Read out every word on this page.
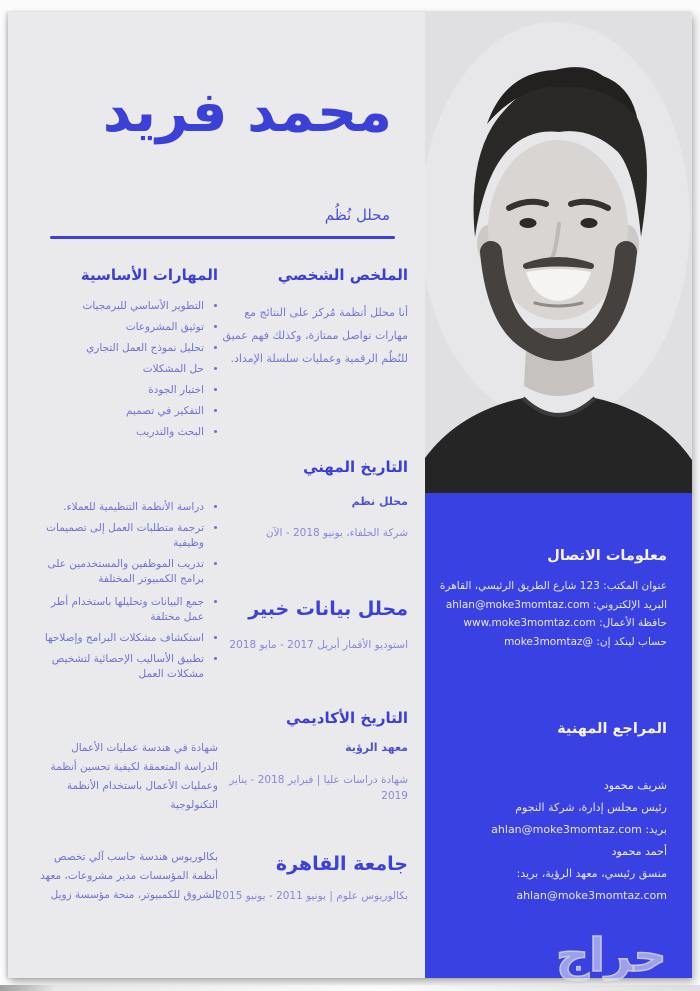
محمد فريد
محلل نُظُم
الملخص الشخصي

أنا محلل أنظمة مُركز على النتائج مع مهارات تواصل ممتازة، وكذلك فهم عميق للنُظُم الرقمية وعمليات سلسلة الإمداد.

المهارات الأساسية
• التطوير الأساسي للبرمجيات
• توثيق المشروعات
• تحليل نموذج العمل التجاري
• حل المشكلات
• اختبار الجودة
• التفكير في تصميم
• البحث والتدريب
التاريخ المهني
محلل نظم
شركة الحلفاء، يونيو 2018 - الآن
• دراسة الأنظمة التنظيمية للعملاء.
• ترجمة متطلبات العمل إلى تصميمات وظيفية
• تدريب الموظفين والمستخدمين على برامج الكمبيوتر المختلفة
محلل بيانات خبير
استوديو الأقمار أبريل 2017 - مايو 2018
• جمع البيانات وتحليلها باستخدام أطر عمل مختلفة
• استكشاف مشكلات البرامج وإصلاحها
• تطبيق الأساليب الإحصائية لتشخيص مشكلات العمل
التاريخ الأكاديمي
معهد الرؤية
شهادة دراسات عليا | فبراير 2018 - يناير 2019
شهادة في هندسة عمليات الأعمال الدراسة المتعمقة لكيفية تحسين أنظمة وعمليات الأعمال باستخدام الأنظمة التكنولوجية
جامعة القاهرة
بكالوريوس علوم | يونيو 2011 - يونيو 2015
بكالوريوس هندسة حاسب آلي تخصص أنظمة المؤسسات مدير مشروعات، معهد الشروق للكمبيوتر، منحة مؤسسة زويل
معلومات الاتصال
عنوان المكتب: 123 شارع الطريق الرئيسي، القاهرة
البريد الإلكتروني: ahlan@moke3momtaz.com
حافظة الأعمال: www.moke3momtaz.com
حساب لينكد إن: @moke3momtaz
المراجع المهنية
شريف محمود
رئيس مجلس إدارة، شركة النجوم
بريد: ahlan@moke3momtaz.com
أحمد محمود
منسق رئيسي، معهد الرؤية، بريد:
ahlan@moke3momtaz.com
حراج
